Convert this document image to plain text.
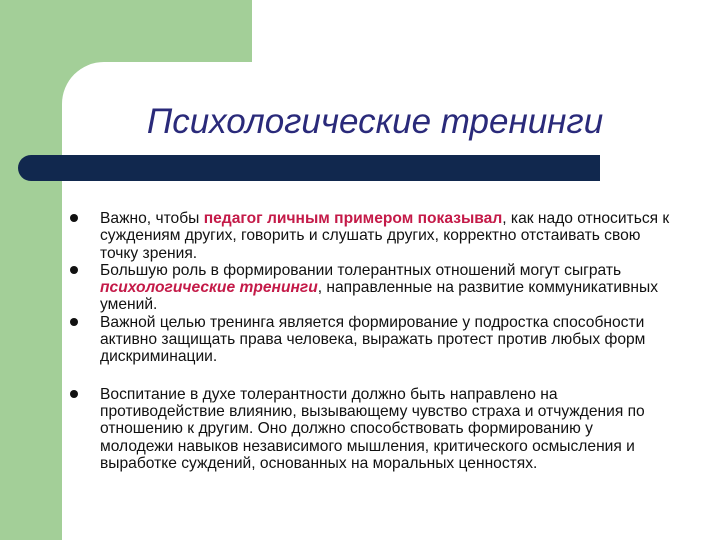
Психологические тренинги
Важно, чтобы педагог личным примером показывал, как надо относиться к суждениям других, говорить и слушать других, корректно отстаивать свою точку зрения.
Большую роль в формировании толерантных отношений могут сыграть психологические тренинги, направленные на развитие коммуникативных умений.
Важной целью тренинга является формирование у подростка способности активно защищать права человека, выражать протест против любых форм дискриминации.
Воспитание в духе толерантности должно быть направлено на противодействие влиянию, вызывающему чувство страха и отчуждения по отношению к другим. Оно должно способствовать формированию у молодежи навыков независимого мышления, критического осмысления и выработке суждений, основанных на моральных ценностях.
